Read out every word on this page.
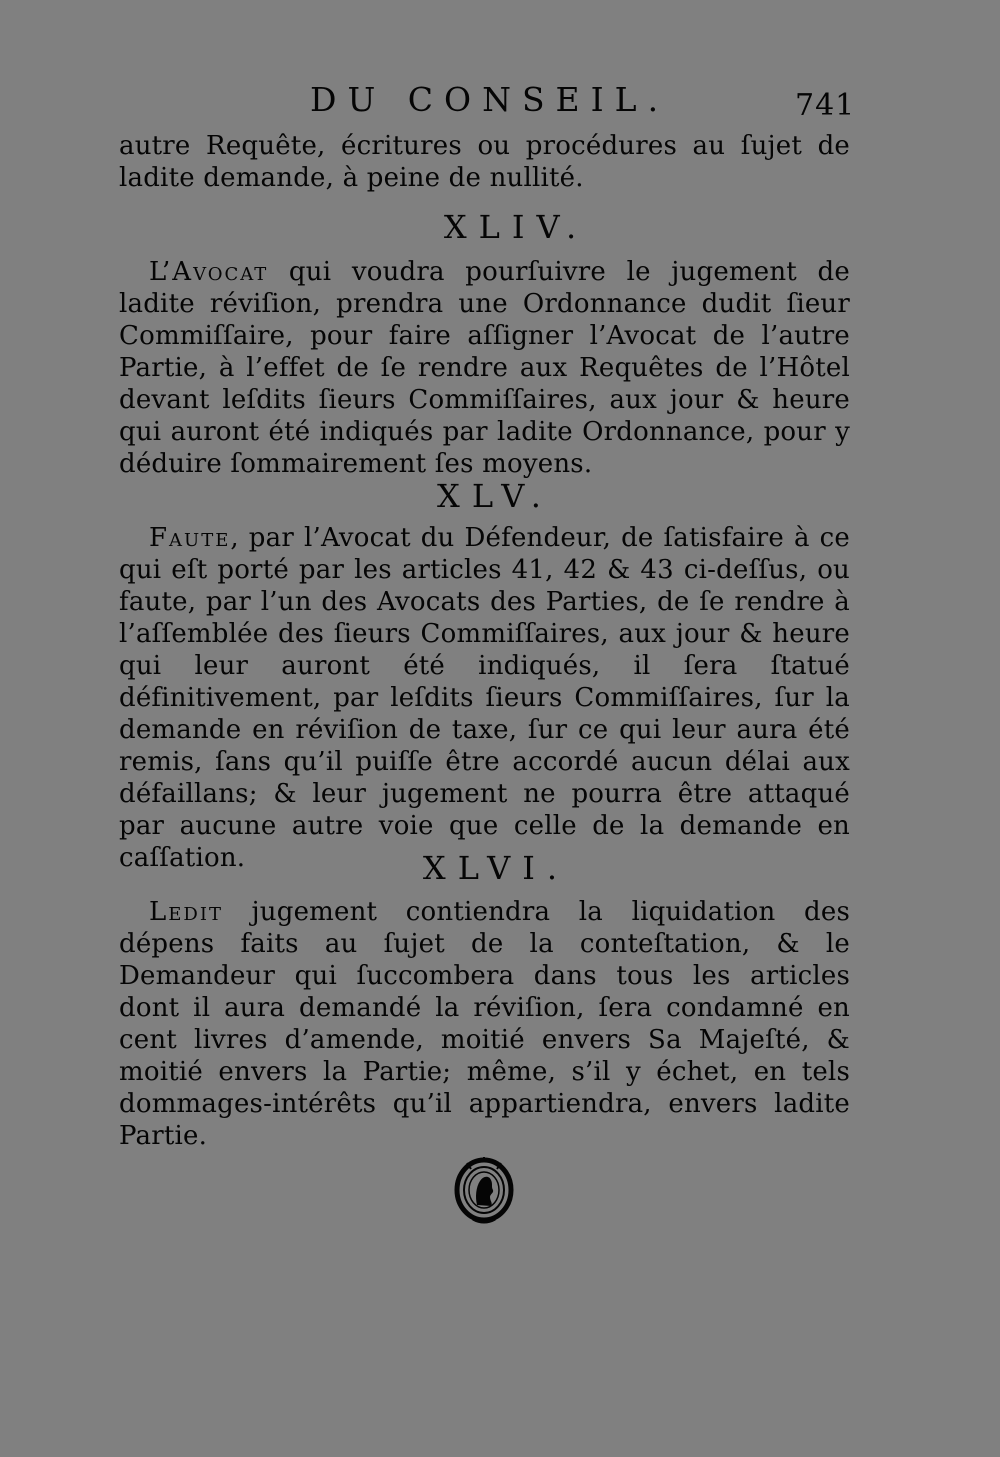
DU CONSEIL.	741
autre Requête, écritures ou procédures au ſujet de ladite demande, à peine de nullité.
XLIV.
L’Avocat qui voudra pourſuivre le jugement de ladite réviſion, prendra une Ordonnance dudit ſieur Commiſſaire, pour faire aſſigner l’Avocat de l’autre Partie, à l’effet de ſe rendre aux Requêtes de l’Hôtel devant leſdits ſieurs Commiſſaires, aux jour & heure qui auront été indiqués par ladite Ordonnance, pour y déduire ſommairement ſes moyens.
XLV.
Faute, par l’Avocat du Défendeur, de ſatisfaire à ce qui eſt porté par les articles 41, 42 & 43 ci-deſſus, ou faute, par l’un des Avocats des Parties, de ſe rendre à l’aſſemblée des ſieurs Commiſſaires, aux jour & heure qui leur auront été indiqués, il ſera ſtatué définitivement, par leſdits ſieurs Commiſſaires, ſur la demande en réviſion de taxe, ſur ce qui leur aura été remis, ſans qu’il puiſſe être accordé aucun délai aux défaillans; & leur jugement ne pourra être attaqué par aucune autre voie que celle de la demande en caſſation.	XLVI.
Ledit jugement contiendra la liquidation des dépens faits au ſujet de la conteſtation, & le Demandeur qui ſuccombera dans tous les articles dont il aura demandé la réviſion, ſera condamné en cent livres d’amende, moitié envers Sa Majeſté, & moitié envers la Partie; même, s’il y échet, en tels dommages-intérêts qu’il appartiendra, envers ladite Partie.
